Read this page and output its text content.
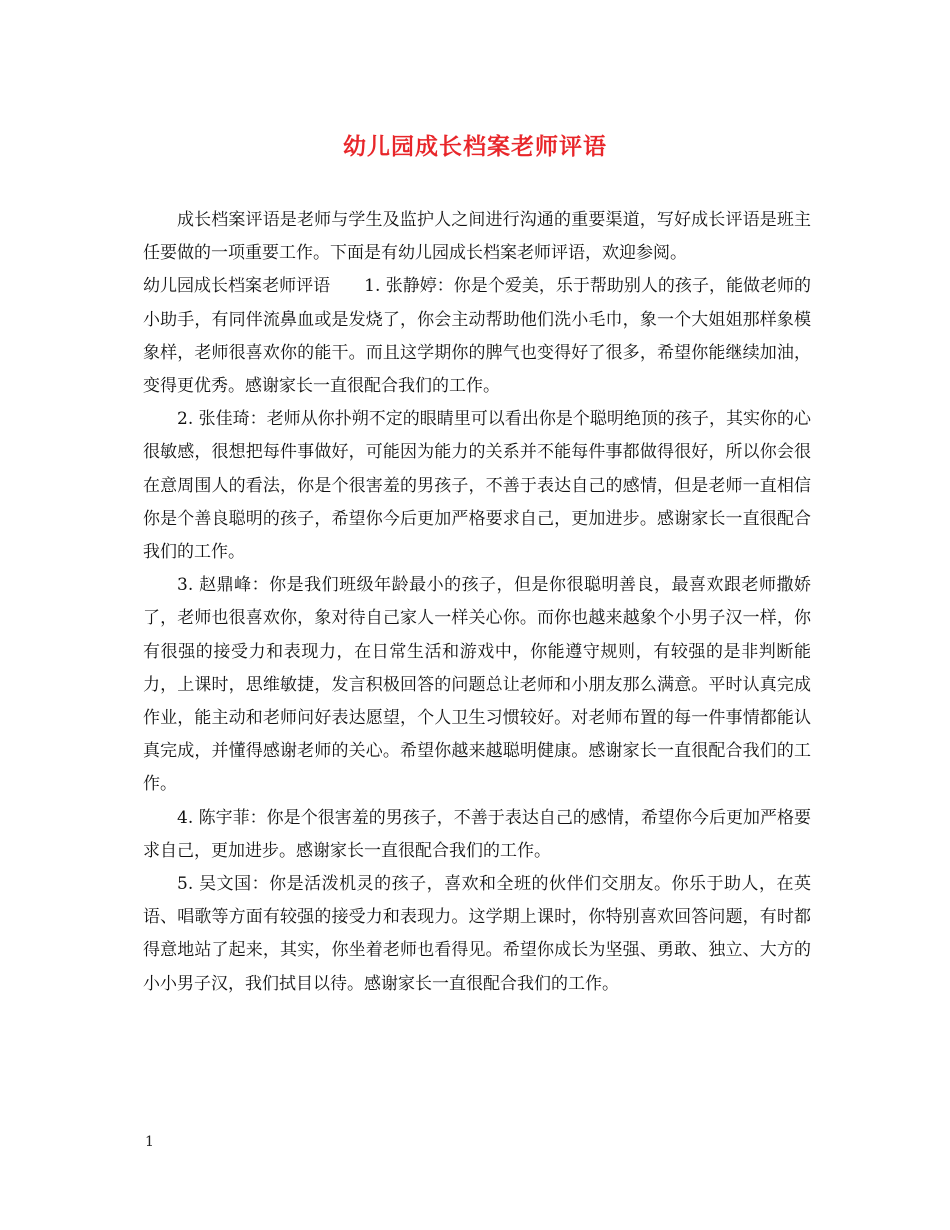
幼儿园成长档案老师评语

成长档案评语是老师与学生及监护人之间进行沟通的重要渠道，写好成长评语是班主任要做的一项重要工作。下面是有幼儿园成长档案老师评语，欢迎参阅。

幼儿园成长档案老师评语　　1. 张静婷：你是个爱美，乐于帮助别人的孩子，能做老师的小助手，有同伴流鼻血或是发烧了，你会主动帮助他们洗小毛巾，象一个大姐姐那样象模象样，老师很喜欢你的能干。而且这学期你的脾气也变得好了很多，希望你能继续加油，变得更优秀。感谢家长一直很配合我们的工作。

2. 张佳琦：老师从你扑朔不定的眼睛里可以看出你是个聪明绝顶的孩子，其实你的心很敏感，很想把每件事做好，可能因为能力的关系并不能每件事都做得很好，所以你会很在意周围人的看法，你是个很害羞的男孩子，不善于表达自己的感情，但是老师一直相信你是个善良聪明的孩子，希望你今后更加严格要求自己，更加进步。感谢家长一直很配合我们的工作。

3. 赵鼎峰：你是我们班级年龄最小的孩子，但是你很聪明善良，最喜欢跟老师撒娇了，老师也很喜欢你，象对待自己家人一样关心你。而你也越来越象个小男子汉一样，你有很强的接受力和表现力，在日常生活和游戏中，你能遵守规则，有较强的是非判断能力，上课时，思维敏捷，发言积极回答的问题总让老师和小朋友那么满意。平时认真完成作业，能主动和老师问好表达愿望，个人卫生习惯较好。对老师布置的每一件事情都能认真完成，并懂得感谢老师的关心。希望你越来越聪明健康。感谢家长一直很配合我们的工作。

4. 陈宇菲：你是个很害羞的男孩子，不善于表达自己的感情，希望你今后更加严格要求自己，更加进步。感谢家长一直很配合我们的工作。

5. 吴文国：你是活泼机灵的孩子，喜欢和全班的伙伴们交朋友。你乐于助人，在英语、唱歌等方面有较强的接受力和表现力。这学期上课时，你特别喜欢回答问题，有时都得意地站了起来，其实，你坐着老师也看得见。希望你成长为坚强、勇敢、独立、大方的小小男子汉，我们拭目以待。感谢家长一直很配合我们的工作。

1
